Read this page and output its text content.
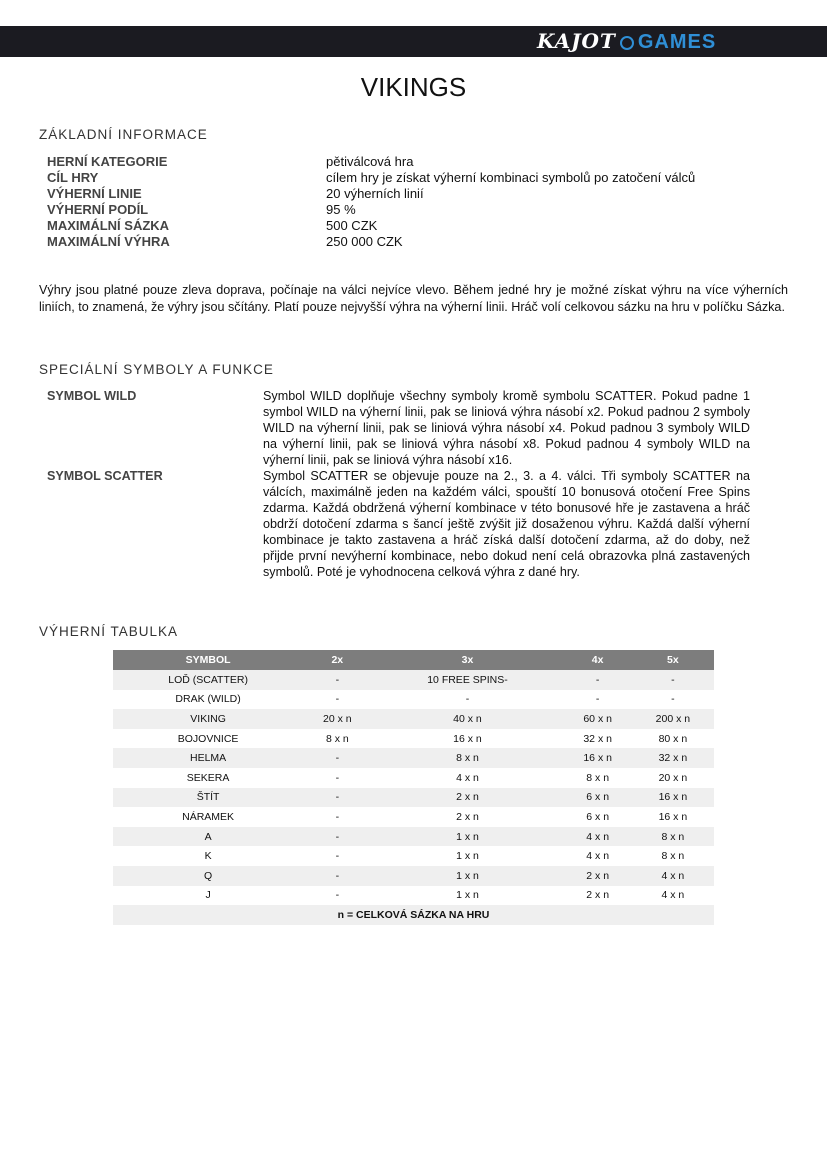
KAJOT GAMES
VIKINGS
ZÁKLADNÍ INFORMACE
HERNÍ KATEGORIE	pětiválcová hra
CÍL HRY	cílem hry je získat výherní kombinaci symbolů po zatočení válců
VÝHERNÍ LINIE	20 výherních linií
VÝHERNÍ PODÍL	95 %
MAXIMÁLNÍ SÁZKA	500 CZK
MAXIMÁLNÍ VÝHRA	250 000 CZK
Výhry jsou platné pouze zleva doprava, počínaje na válci nejvíce vlevo. Během jedné hry je možné získat výhru na více výherních liniích, to znamená, že výhry jsou sčítány. Platí pouze nejvyšší výhra na výherní linii. Hráč volí celkovou sázku na hru v políčku Sázka.
SPECIÁLNÍ SYMBOLY A FUNKCE
SYMBOL WILD	Symbol WILD doplňuje všechny symboly kromě symbolu SCATTER. Pokud padne 1 symbol WILD na výherní linii, pak se liniová výhra násobí x2. Pokud padnou 2 symboly WILD na výherní linii, pak se liniová výhra násobí x4. Pokud padnou 3 symboly WILD na výherní linii, pak se liniová výhra násobí x8. Pokud padnou 4 symboly WILD na výherní linii, pak se liniová výhra násobí x16.
SYMBOL SCATTER	Symbol SCATTER se objevuje pouze na 2., 3. a 4. válci. Tři symboly SCATTER na válcích, maximálně jeden na každém válci, spouští 10 bonusová otočení Free Spins zdarma. Každá obdržená výherní kombinace v této bonusové hře je zastavena a hráč obdrží dotočení zdarma s šancí ještě zvýšit již dosaženou výhru. Každá další výherní kombinace je takto zastavena a hráč získá další dotočení zdarma, až do doby, než přijde první nevýherní kombinace, nebo dokud není celá obrazovka plná zastavených symbolů. Poté je vyhodnocena celková výhra z dané hry.
VÝHERNÍ TABULKA
SYMBOL	2x	3x	4x	5x
LOĎ (SCATTER)	-	10 FREE SPINS-	-	-
DRAK (WILD)	-	-	-	-
VIKING	20 x n	40 x n	60 x n	200 x n
BOJOVNICE	8 x n	16 x n	32 x n	80 x n
HELMA	-	8 x n	16 x n	32 x n
SEKERA	-	4 x n	8 x n	20 x n
ŠTÍT	-	2 x n	6 x n	16 x n
NÁRAMEK	-	2 x n	6 x n	16 x n
A	-	1 x n	4 x n	8 x n
K	-	1 x n	4 x n	8 x n
Q	-	1 x n	2 x n	4 x n
J	-	1 x n	2 x n	4 x n
n = CELKOVÁ SÁZKA NA HRU				
